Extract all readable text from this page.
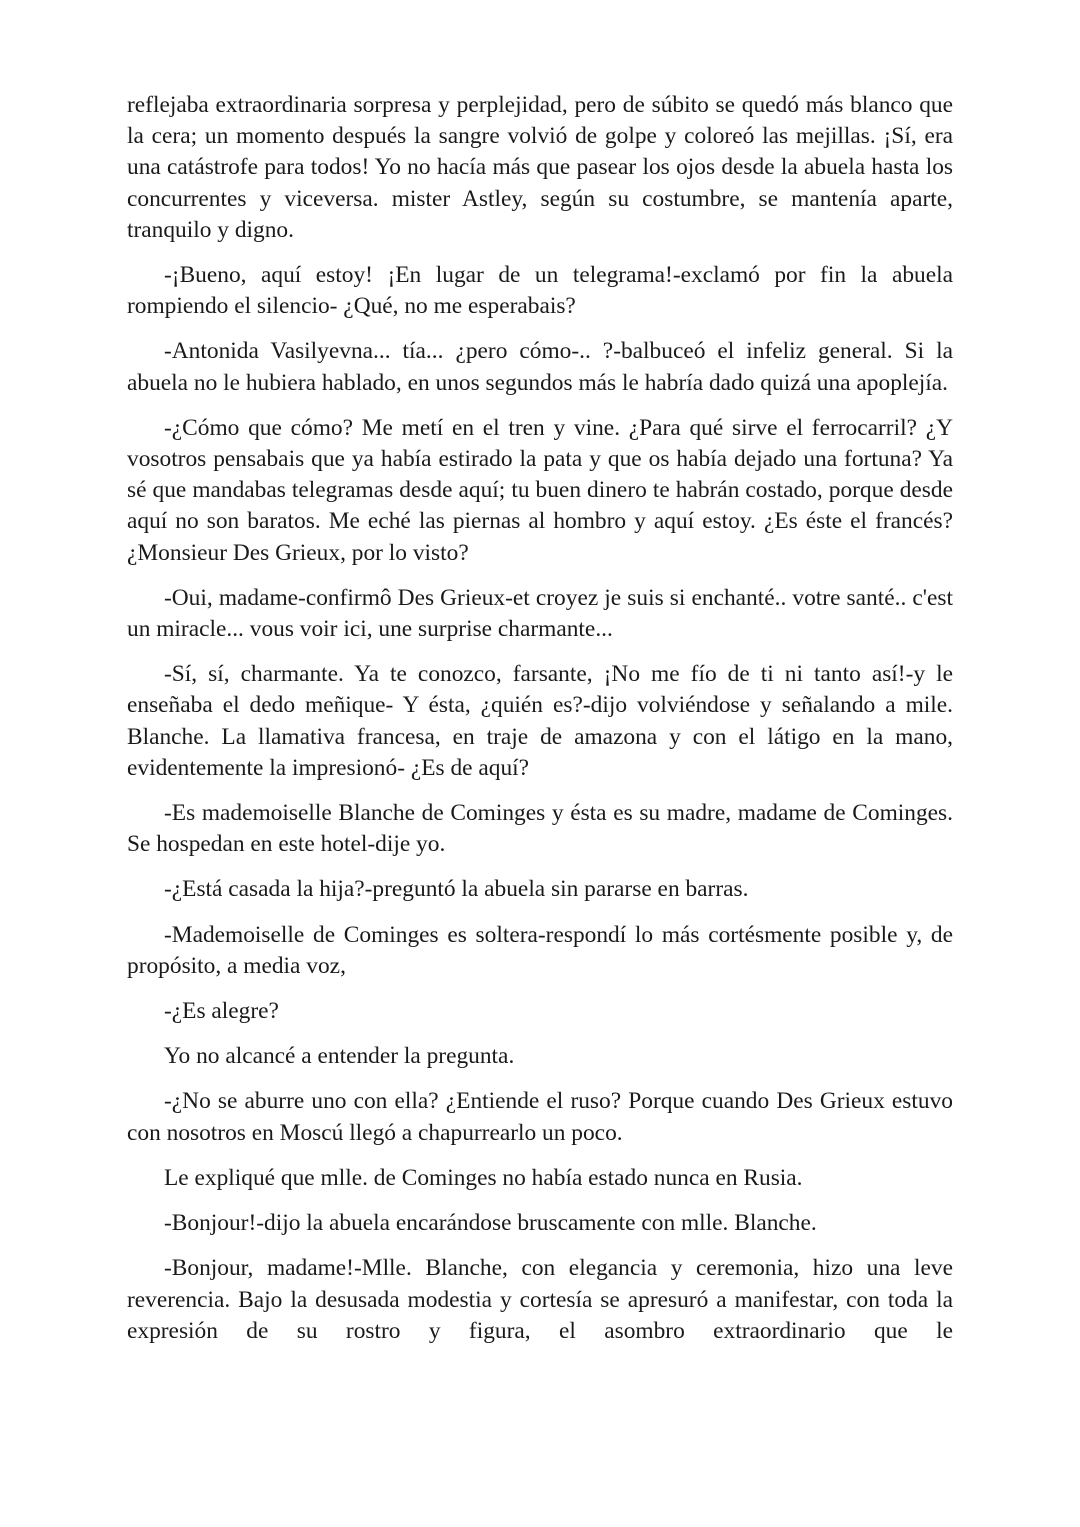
reflejaba extraordinaria sorpresa y perplejidad, pero de súbito se quedó más blanco que la cera; un momento después la sangre volvió de golpe y coloreó las mejillas. ¡Sí, era una catástrofe para todos! Yo no hacía más que pasear los ojos desde la abuela hasta los concurrentes y viceversa. mister Astley, según su costumbre, se mantenía aparte, tranquilo y digno.

-¡Bueno, aquí estoy! ¡En lugar de un telegrama!-exclamó por fin la abuela rompiendo el silencio- ¿Qué, no me esperabais?

-Antonida Vasilyevna... tía... ¿pero cómo-.. ?-balbuceó el infeliz general. Si la abuela no le hubiera hablado, en unos segundos más le habría dado quizá una apoplejía.

-¿Cómo que cómo? Me metí en el tren y vine. ¿Para qué sirve el ferrocarril? ¿Y vosotros pensabais que ya había estirado la pata y que os había dejado una fortuna? Ya sé que mandabas telegramas desde aquí; tu buen dinero te habrán costado, porque desde aquí no son baratos. Me eché las piernas al hombro y aquí estoy. ¿Es éste el francés? ¿Monsieur Des Grieux, por lo visto?

-Oui, madame-confirmô Des Grieux-et croyez je suis si enchanté.. votre santé.. c'est un miracle... vous voir ici, une surprise charmante...

-Sí, sí, charmante. Ya te conozco, farsante, ¡No me fío de ti ni tanto así!-y le enseñaba el dedo meñique- Y ésta, ¿quién es?-dijo volviéndose y señalando a mile. Blanche. La llamativa francesa, en traje de amazona y con el látigo en la mano, evidentemente la impresionó- ¿Es de aquí?

-Es mademoiselle Blanche de Cominges y ésta es su madre, madame de Cominges. Se hospedan en este hotel-dije yo.

-¿Está casada la hija?-preguntó la abuela sin pararse en barras.

-Mademoiselle de Cominges es soltera-respondí lo más cortésmente posible y, de propósito, a media voz,

-¿Es alegre?

Yo no alcancé a entender la pregunta.

-¿No se aburre uno con ella? ¿Entiende el ruso? Porque cuando Des Grieux estuvo con nosotros en Moscú llegó a chapurrearlo un poco.

Le expliqué que mlle. de Cominges no había estado nunca en Rusia.

-Bonjour!-dijo la abuela encarándose bruscamente con mlle. Blanche.

-Bonjour, madame!-Mlle. Blanche, con elegancia y ceremonia, hizo una leve reverencia. Bajo la desusada modestia y cortesía se apresuró a manifestar, con toda la expresión de su rostro y figura, el asombro extraordinario que le
